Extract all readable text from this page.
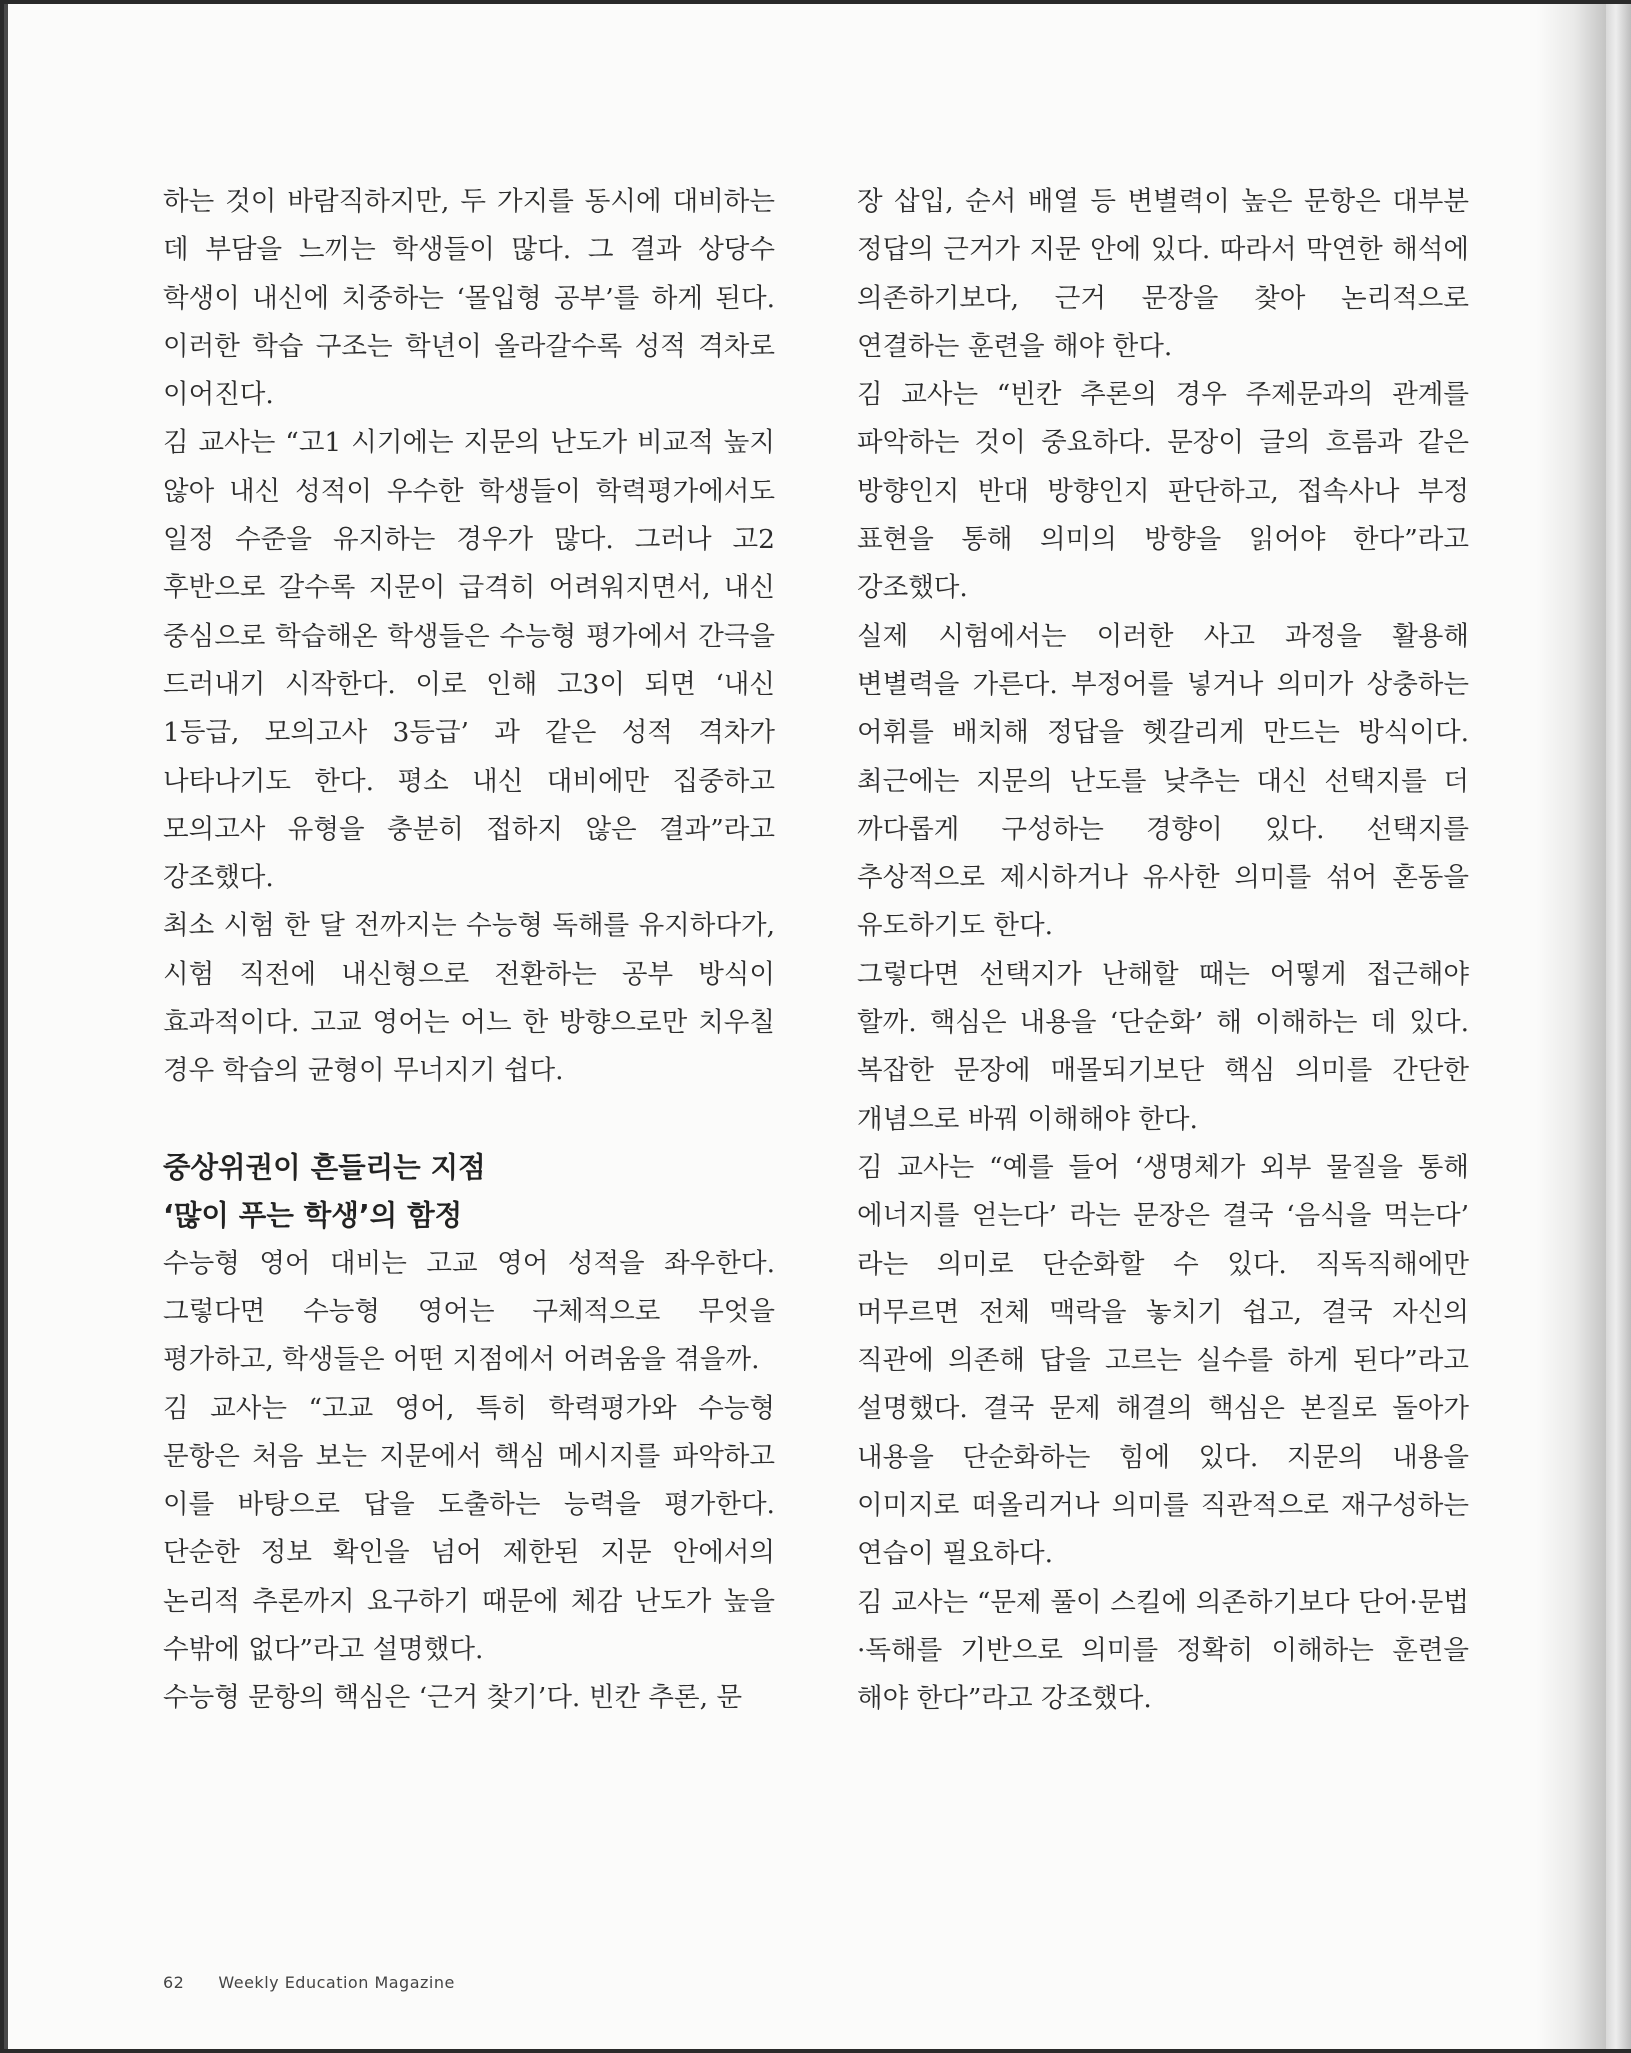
하는 것이 바람직하지만, 두 가지를 동시에 대비하는 데 부담을 느끼는 학생들이 많다. 그 결과 상당수 학생이 내신에 치중하는 ‘몰입형 공부’를 하게 된다. 이러한 학습 구조는 학년이 올라갈수록 성적 격차로 이어진다.

김 교사는 “고1 시기에는 지문의 난도가 비교적 높지 않아 내신 성적이 우수한 학생들이 학력평가에서도 일정 수준을 유지하는 경우가 많다. 그러나 고2 후반으로 갈수록 지문이 급격히 어려워지면서, 내신 중심으로 학습해온 학생들은 수능형 평가에서 간극을 드러내기 시작한다. 이로 인해 고3이 되면 ‘내신 1등급, 모의고사 3등급’ 과 같은 성적 격차가 나타나기도 한다. 평소 내신 대비에만 집중하고 모의고사 유형을 충분히 접하지 않은 결과”라고 강조했다.

최소 시험 한 달 전까지는 수능형 독해를 유지하다가, 시험 직전에 내신형으로 전환하는 공부 방식이 효과적이다. 고교 영어는 어느 한 방향으로만 치우칠 경우 학습의 균형이 무너지기 쉽다.

중상위권이 흔들리는 지점
‘많이 푸는 학생’의 함정

수능형 영어 대비는 고교 영어 성적을 좌우한다. 그렇다면 수능형 영어는 구체적으로 무엇을 평가하고, 학생들은 어떤 지점에서 어려움을 겪을까.

김 교사는 “고교 영어, 특히 학력평가와 수능형 문항은 처음 보는 지문에서 핵심 메시지를 파악하고 이를 바탕으로 답을 도출하는 능력을 평가한다. 단순한 정보 확인을 넘어 제한된 지문 안에서의 논리적 추론까지 요구하기 때문에 체감 난도가 높을 수밖에 없다”라고 설명했다.

수능형 문항의 핵심은 ‘근거 찾기’다. 빈칸 추론, 문

장 삽입, 순서 배열 등 변별력이 높은 문항은 대부분 정답의 근거가 지문 안에 있다. 따라서 막연한 해석에 의존하기보다, 근거 문장을 찾아 논리적으로 연결하는 훈련을 해야 한다.

김 교사는 “빈칸 추론의 경우 주제문과의 관계를 파악하는 것이 중요하다. 문장이 글의 흐름과 같은 방향인지 반대 방향인지 판단하고, 접속사나 부정 표현을 통해 의미의 방향을 읽어야 한다”라고 강조했다.

실제 시험에서는 이러한 사고 과정을 활용해 변별력을 가른다. 부정어를 넣거나 의미가 상충하는 어휘를 배치해 정답을 헷갈리게 만드는 방식이다. 최근에는 지문의 난도를 낮추는 대신 선택지를 더 까다롭게 구성하는 경향이 있다. 선택지를 추상적으로 제시하거나 유사한 의미를 섞어 혼동을 유도하기도 한다.

그렇다면 선택지가 난해할 때는 어떻게 접근해야 할까. 핵심은 내용을 ‘단순화’ 해 이해하는 데 있다. 복잡한 문장에 매몰되기보단 핵심 의미를 간단한 개념으로 바꿔 이해해야 한다.

김 교사는 “예를 들어 ‘생명체가 외부 물질을 통해 에너지를 얻는다’ 라는 문장은 결국 ‘음식을 먹는다’ 라는 의미로 단순화할 수 있다. 직독직해에만 머무르면 전체 맥락을 놓치기 쉽고, 결국 자신의 직관에 의존해 답을 고르는 실수를 하게 된다”라고 설명했다. 결국 문제 해결의 핵심은 본질로 돌아가 내용을 단순화하는 힘에 있다. 지문의 내용을 이미지로 떠올리거나 의미를 직관적으로 재구성하는 연습이 필요하다.

김 교사는 “문제 풀이 스킬에 의존하기보다 단어·문법·독해를 기반으로 의미를 정확히 이해하는 훈련을 해야 한다”라고 강조했다.

62 Weekly Education Magazine
